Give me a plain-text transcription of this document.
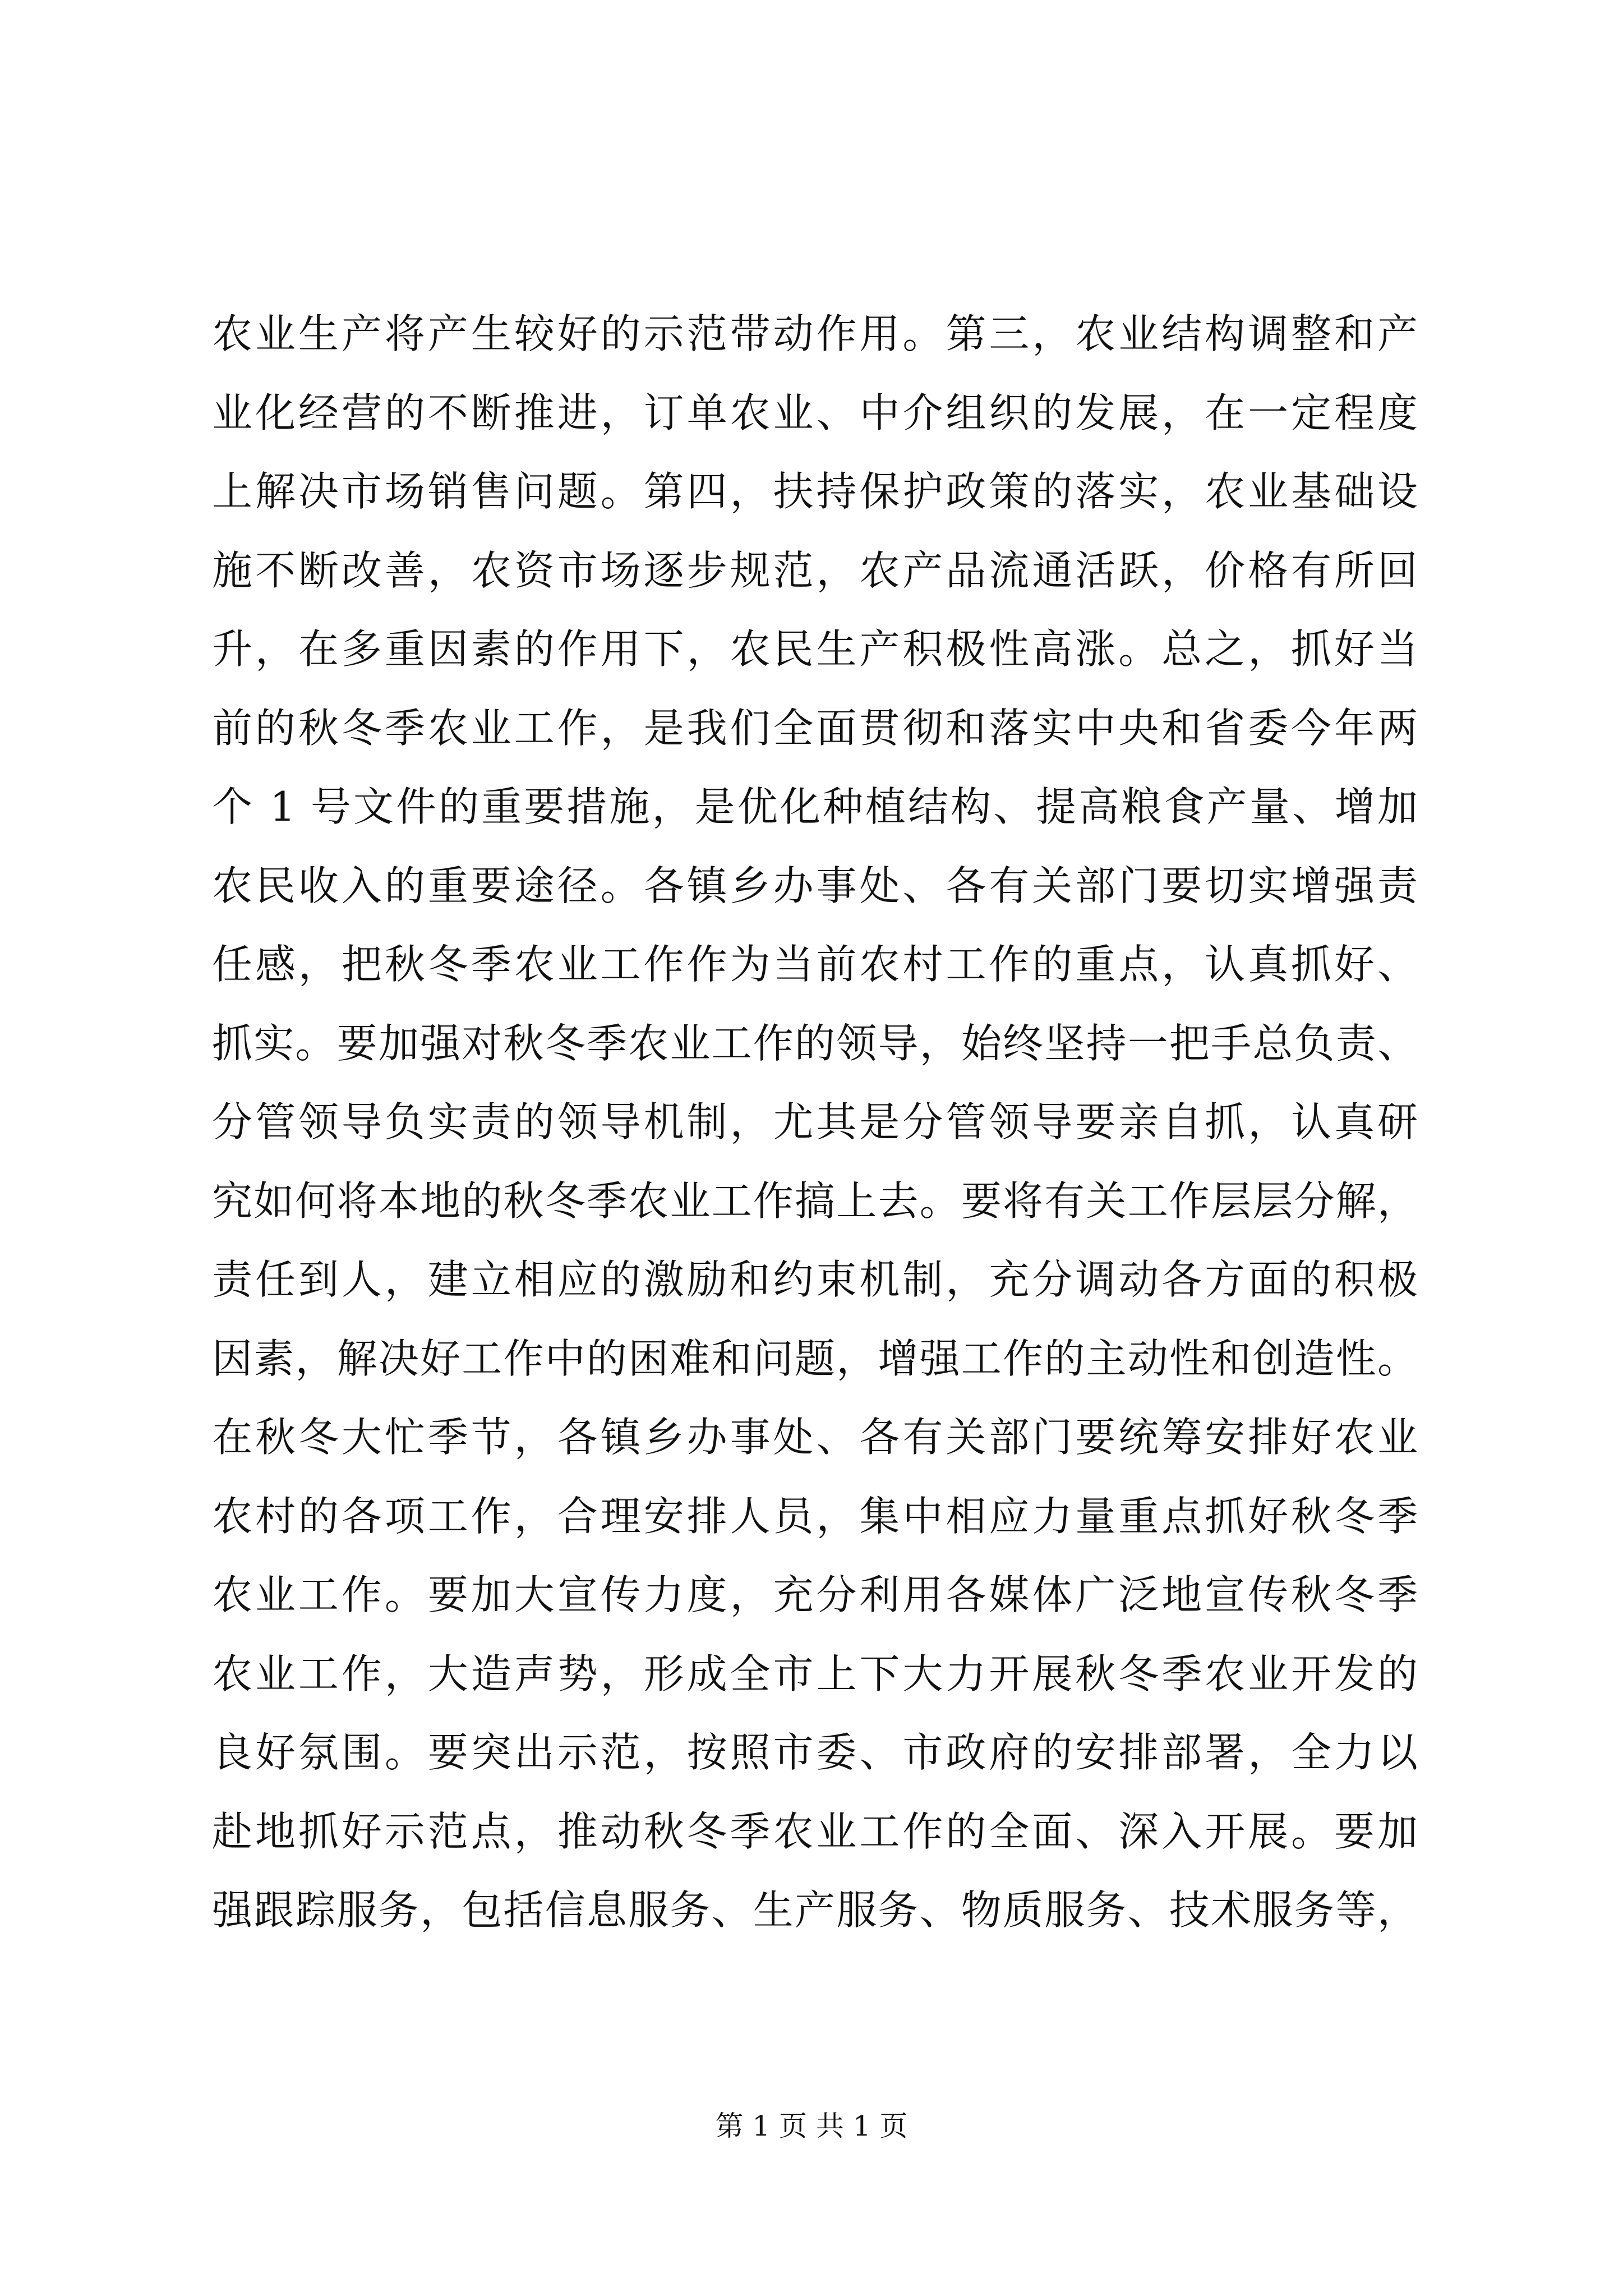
农业生产将产生较好的示范带动作用。第三，农业结构调整和产
业化经营的不断推进，订单农业、中介组织的发展，在一定程度
上解决市场销售问题。第四，扶持保护政策的落实，农业基础设
施不断改善，农资市场逐步规范，农产品流通活跃，价格有所回
升，在多重因素的作用下，农民生产积极性高涨。总之，抓好当
前的秋冬季农业工作，是我们全面贯彻和落实中央和省委今年两
个 1 号文件的重要措施，是优化种植结构、提高粮食产量、增加
农民收入的重要途径。各镇乡办事处、各有关部门要切实增强责
任感，把秋冬季农业工作作为当前农村工作的重点，认真抓好、
抓实。要加强对秋冬季农业工作的领导，始终坚持一把手总负责、
分管领导负实责的领导机制，尤其是分管领导要亲自抓，认真研
究如何将本地的秋冬季农业工作搞上去。要将有关工作层层分解，
责任到人，建立相应的激励和约束机制，充分调动各方面的积极
因素，解决好工作中的困难和问题，增强工作的主动性和创造性。
在秋冬大忙季节，各镇乡办事处、各有关部门要统筹安排好农业
农村的各项工作，合理安排人员，集中相应力量重点抓好秋冬季
农业工作。要加大宣传力度，充分利用各媒体广泛地宣传秋冬季
农业工作，大造声势，形成全市上下大力开展秋冬季农业开发的
良好氛围。要突出示范，按照市委、市政府的安排部署，全力以
赴地抓好示范点，推动秋冬季农业工作的全面、深入开展。要加
强跟踪服务，包括信息服务、生产服务、物质服务、技术服务等，
第 1 页 共 1 页
